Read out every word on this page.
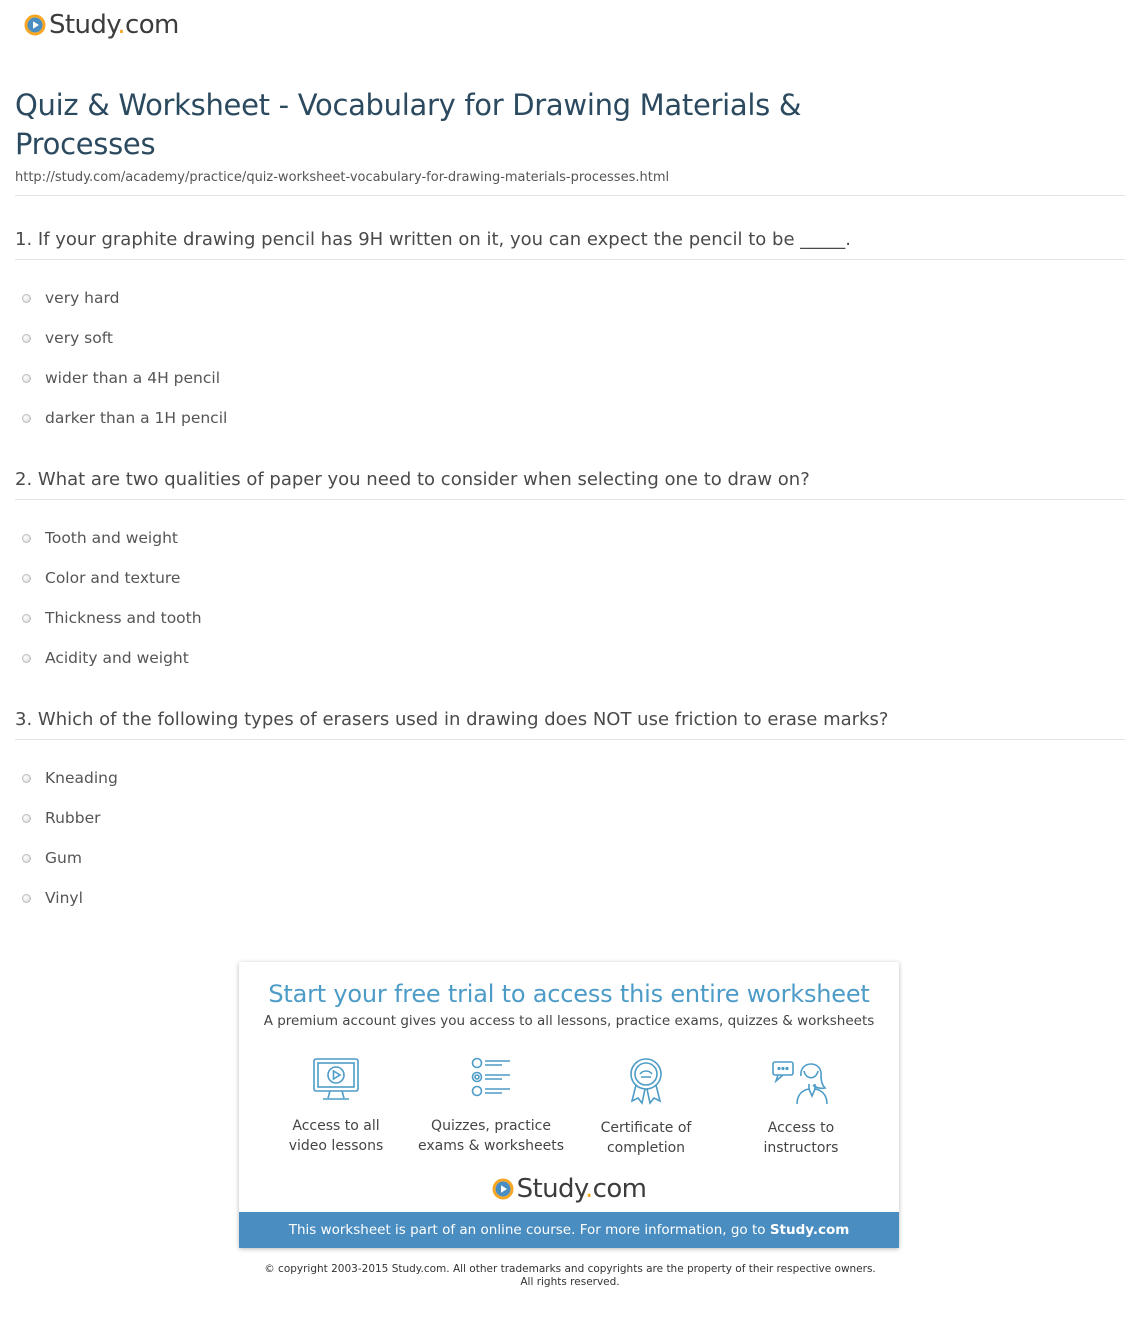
Study.com
Quiz & Worksheet - Vocabulary for Drawing Materials & Processes
http://study.com/academy/practice/quiz-worksheet-vocabulary-for-drawing-materials-processes.html
1. If your graphite drawing pencil has 9H written on it, you can expect the pencil to be _____.
very hard
very soft
wider than a 4H pencil
darker than a 1H pencil
2. What are two qualities of paper you need to consider when selecting one to draw on?
Tooth and weight
Color and texture
Thickness and tooth
Acidity and weight
3. Which of the following types of erasers used in drawing does NOT use friction to erase marks?
Kneading
Rubber
Gum
Vinyl
Start your free trial to access this entire worksheet
A premium account gives you access to all lessons, practice exams, quizzes & worksheets
Access to all
video lessons
Quizzes, practice
exams & worksheets
Certificate of
completion
Access to
instructors
Study.com
This worksheet is part of an online course. For more information, go to Study.com
© copyright 2003-2015 Study.com. All other trademarks and copyrights are the property of their respective owners.
All rights reserved.
